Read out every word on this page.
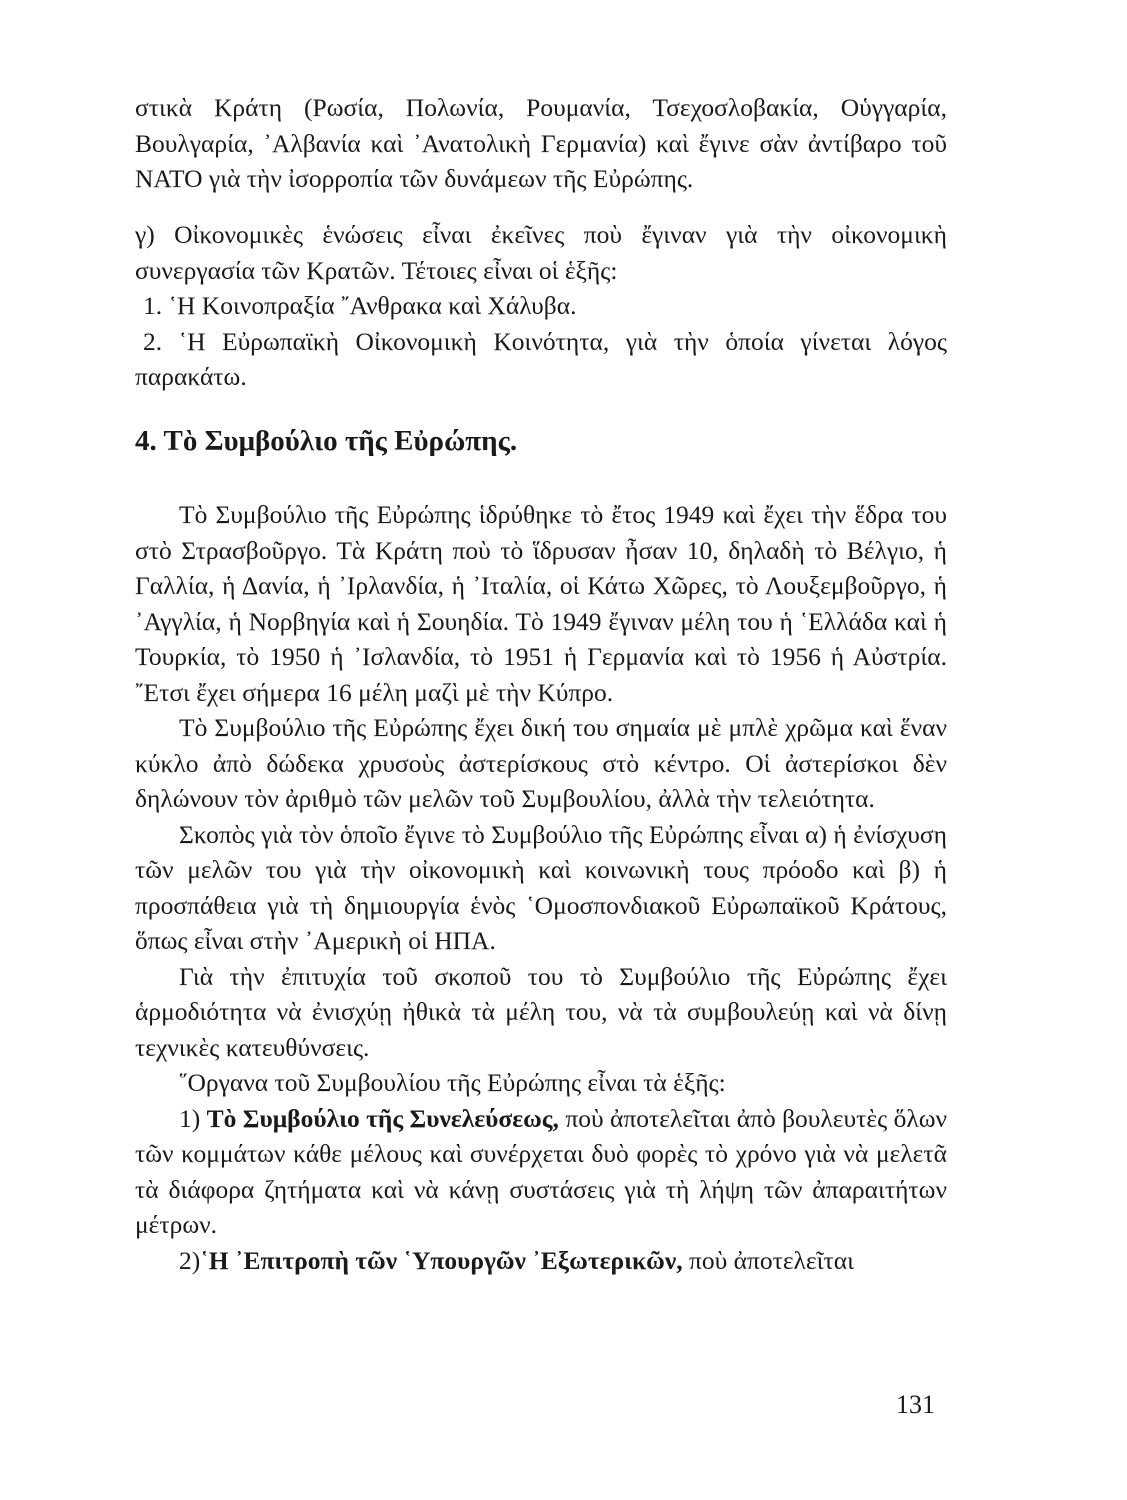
στικὰ Κράτη (Ρωσία, Πολωνία, Ρουμανία, Τσεχοσλοβακία, Οὑγγαρία, Βουλγαρία, ᾿Αλβανία καὶ ᾿Ανατολικὴ Γερμανία) καὶ ἔγινε σὰν ἀντίβαρο τοῦ ΝΑΤΟ γιὰ τὴν ἰσορροπία τῶν δυνάμεων τῆς Εὐρώπης.

γ) Οἰκονομικὲς ἑνώσεις εἶναι ἐκεῖνες ποὺ ἔγιναν γιὰ τὴν οἰκονομικὴ συνεργασία τῶν Κρατῶν. Τέτοιες εἶναι οἱ ἑξῆς:

1. ῾Η Κοινοπραξία ῎Ανθρακα καὶ Χάλυβα.

2. ῾Η Εὐρωπαϊκὴ Οἰκονομικὴ Κοινότητα, γιὰ τὴν ὁποία γίνεται λόγος παρακάτω.

4. Τὸ Συμβούλιο τῆς Εὐρώπης.

Τὸ Συμβούλιο τῆς Εὐρώπης ἱδρύθηκε τὸ ἔτος 1949 καὶ ἔχει τὴν ἕδρα του στὸ Στρασβοῦργο. Τὰ Κράτη ποὺ τὸ ἵδρυσαν ἦσαν 10, δηλαδὴ τὸ Βέλγιο, ἡ Γαλλία, ἡ Δανία, ἡ ᾿Ιρλανδία, ἡ ᾿Ιταλία, οἱ Κάτω Χῶρες, τὸ Λουξεμβοῦργο, ἡ ᾿Αγγλία, ἡ Νορβηγία καὶ ἡ Σουηδία. Τὸ 1949 ἔγιναν μέλη του ἡ ῾Ελλάδα καὶ ἡ Τουρκία, τὸ 1950 ἡ ᾿Ισλανδία, τὸ 1951 ἡ Γερμανία καὶ τὸ 1956 ἡ Αὐστρία. ῎Ετσι ἔχει σήμερα 16 μέλη μαζὶ μὲ τὴν Κύπρο.

Τὸ Συμβούλιο τῆς Εὐρώπης ἔχει δική του σημαία μὲ μπλὲ χρῶμα καὶ ἕναν κύκλο ἀπὸ δώδεκα χρυσοὺς ἀστερίσκους στὸ κέντρο. Οἱ ἀστερίσκοι δὲν δηλώνουν τὸν ἀριθμὸ τῶν μελῶν τοῦ Συμβουλίου, ἀλλὰ τὴν τελειότητα.

Σκοπὸς γιὰ τὸν ὁποῖο ἔγινε τὸ Συμβούλιο τῆς Εὐρώπης εἶναι α) ἡ ἐνίσχυση τῶν μελῶν του γιὰ τὴν οἰκονομικὴ καὶ κοινωνικὴ τους πρόοδο καὶ β) ἡ προσπάθεια γιὰ τὴ δημιουργία ἑνὸς ῾Ομοσπονδιακοῦ Εὐρωπαϊκοῦ Κράτους, ὅπως εἶναι στὴν ᾿Αμερικὴ οἱ ΗΠΑ.

Γιὰ τὴν ἐπιτυχία τοῦ σκοποῦ του τὸ Συμβούλιο τῆς Εὐρώπης ἔχει ἁρμοδιότητα νὰ ἐνισχύῃ ἠθικὰ τὰ μέλη του, νὰ τὰ συμβουλεύῃ καὶ νὰ δίνῃ τεχνικὲς κατευθύνσεις.

῞Οργανα τοῦ Συμβουλίου τῆς Εὐρώπης εἶναι τὰ ἑξῆς:

1) Τὸ Συμβούλιο τῆς Συνελεύσεως, ποὺ ἀποτελεῖται ἀπὸ βουλευτὲς ὅλων τῶν κομμάτων κάθε μέλους καὶ συνέρχεται δυὸ φορὲς τὸ χρόνο γιὰ νὰ μελετᾶ τὰ διάφορα ζητήματα καὶ νὰ κάνῃ συστάσεις γιὰ τὴ λήψη τῶν ἀπαραιτήτων μέτρων.

2)῾Η ᾿Επιτροπὴ τῶν ῾Υπουργῶν ᾿Εξωτερικῶν, ποὺ ἀποτελεῖται

131
